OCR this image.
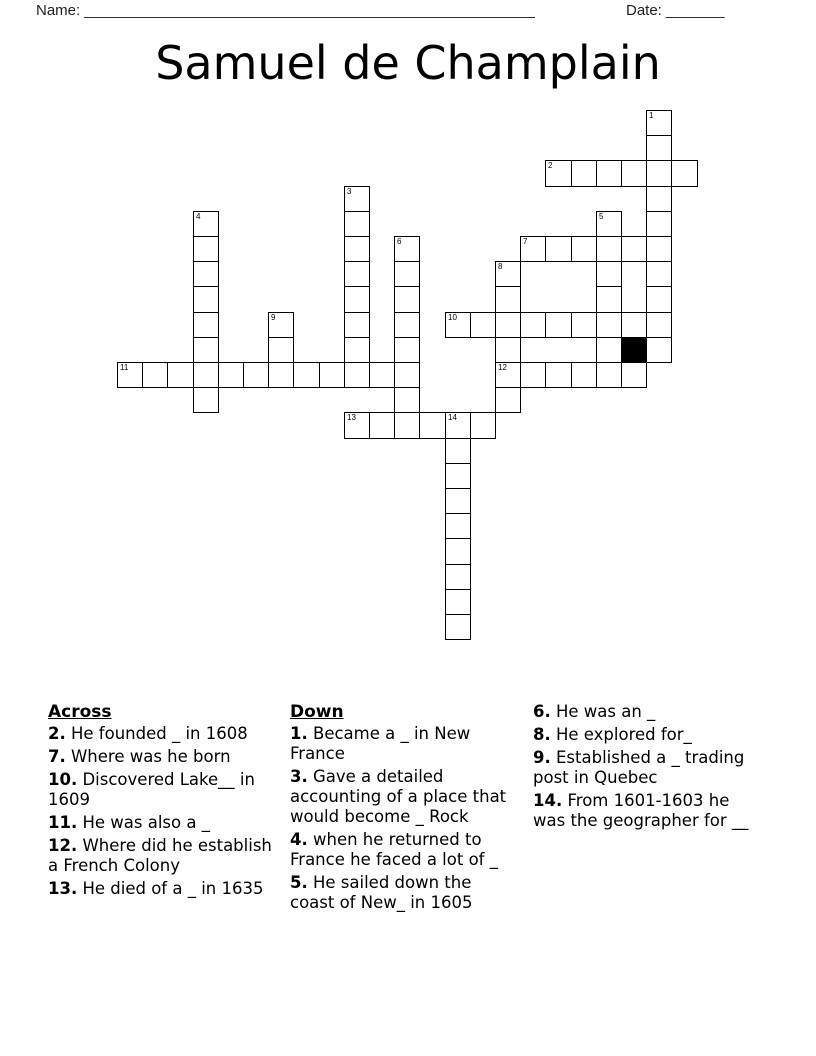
Name: ______________________________________________________	Date: _______
Samuel de Champlain
1
2
3
4	5
6	7
8
12
9	10
11
13	14
Across
2. He founded _ in 1608
7. Where was he born
10. Discovered Lake__ in 1609
11. He was also a _
12. Where did he establish a French Colony
13. He died of a _ in 1635
Down
1. Became a _ in New France
3. Gave a detailed accounting of a place that would become _ Rock
4. when he returned to France he faced a lot of _
5. He sailed down the coast of New_ in 1605
6. He was an _
8. He explored for_
9. Established a _ trading post in Quebec
14. From 1601-1603 he was the geographer for __
